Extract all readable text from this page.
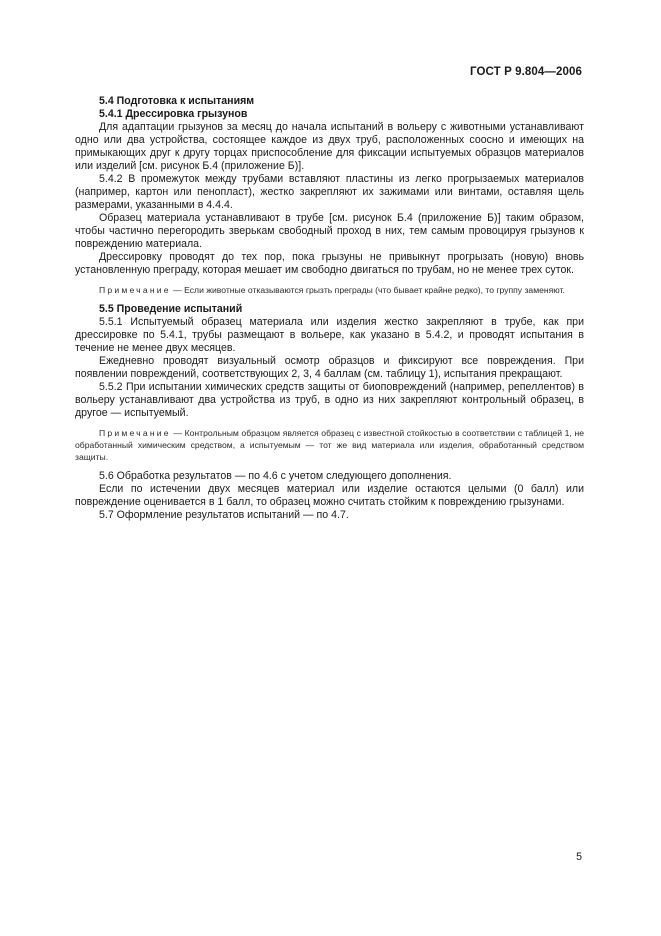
ГОСТ Р 9.804—2006

5.4 Подготовка к испытаниям

5.4.1 Дрессировка грызунов

Для адаптации грызунов за месяц до начала испытаний в вольеру с животными устанавливают одно или два устройства, состоящее каждое из двух труб, расположенных соосно и имеющих на примыкающих друг к другу торцах приспособление для фиксации испытуемых образцов материалов или изделий [см. рисунок Б.4 (приложение Б)].

5.4.2 В промежуток между трубами вставляют пластины из легко прогрызаемых материалов (например, картон или пенопласт), жестко закрепляют их зажимами или винтами, оставляя щель размерами, указанными в 4.4.4.

Образец материала устанавливают в трубе [см. рисунок Б.4 (приложение Б)] таким образом, чтобы частично перегородить зверькам свободный проход в них, тем самым провоцируя грызунов к повреждению материала.

Дрессировку проводят до тех пор, пока грызуны не привыкнут прогрызать (новую) вновь установленную преграду, которая мешает им свободно двигаться по трубам, но не менее трех суток.

Примечание — Если животные отказываются грызть преграды (что бывает крайне редко), то группу заменяют.

5.5 Проведение испытаний

5.5.1 Испытуемый образец материала или изделия жестко закрепляют в трубе, как при дрессировке по 5.4.1, трубы размещают в вольере, как указано в 5.4.2, и проводят испытания в течение не менее двух месяцев.

Ежедневно проводят визуальный осмотр образцов и фиксируют все повреждения. При появлении повреждений, соответствующих 2, 3, 4 баллам (см. таблицу 1), испытания прекращают.

5.5.2 При испытании химических средств защиты от биоповреждений (например, репеллентов) в вольеру устанавливают два устройства из труб, в одно из них закрепляют контрольный образец, в другое — испытуемый.

Примечание — Контрольным образцом является образец с известной стойкостью в соответствии с таблицей 1, не обработанный химическим средством, а испытуемым — тот же вид материала или изделия, обработанный средством защиты.

5.6 Обработка результатов — по 4.6 с учетом следующего дополнения.

Если по истечении двух месяцев материал или изделие остаются целыми (0 балл) или повреждение оценивается в 1 балл, то образец можно считать стойким к повреждению грызунами.

5.7 Оформление результатов испытаний — по 4.7.

5
